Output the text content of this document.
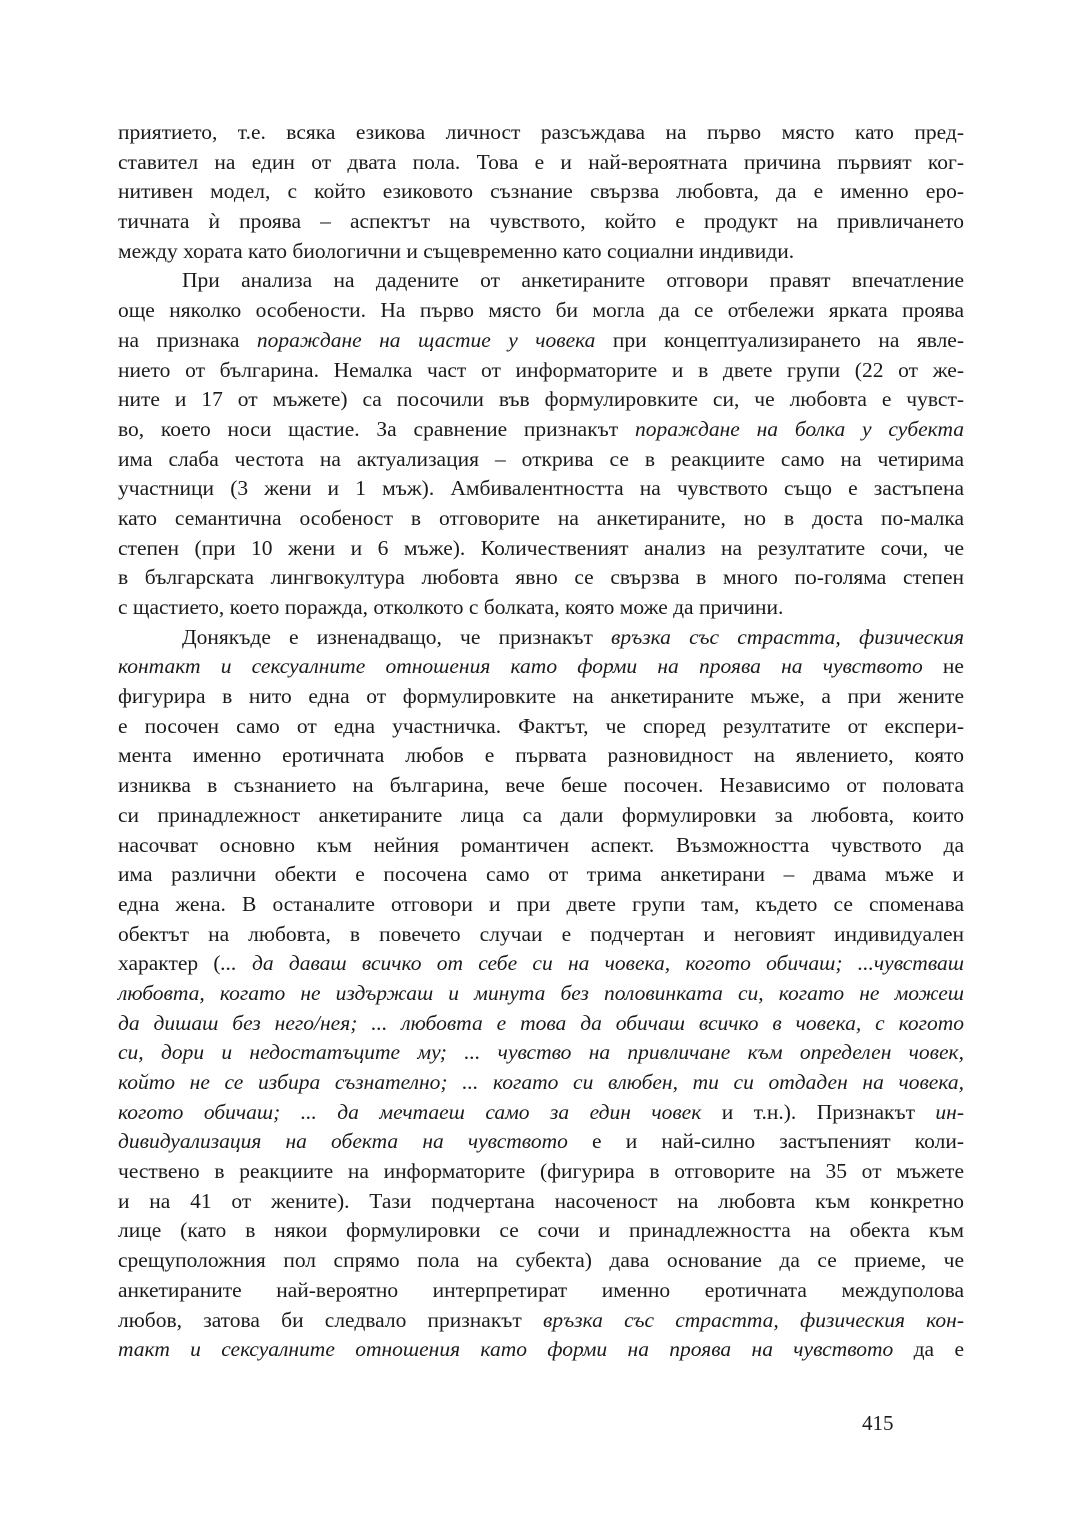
приятието, т.е. всяка езикова личност разсъждава на първо място като пред-
ставител на един от двата пола. Това е и най-вероятната причина първият ког-
нитивен модел, с който езиковото съзнание свързва любовта, да е именно еро-
тичната ѝ проява – аспектът на чувството, който е продукт на привличането
между хората като биологични и същевременно като социални индивиди.
При анализа на дадените от анкетираните отговори правят впечатление
още няколко особености. На първо място би могла да се отбележи ярката проява
на признака пораждане на щастие у човека при концептуализирането на явле-
нието от българина. Немалка част от информаторите и в двете групи (22 от же-
ните и 17 от мъжете) са посочили във формулировките си, че любовта е чувст-
во, което носи щастие. За сравнение признакът пораждане на болка у субекта
има слаба честота на актуализация – открива се в реакциите само на четирима
участници (3 жени и 1 мъж). Амбивалентността на чувството също е застъпена
като семантична особеност в отговорите на анкетираните, но в доста по-малка
степен (при 10 жени и 6 мъже). Количественият анализ на резултатите сочи, че
в българската лингвокултура любовта явно се свързва в много по-голяма степен
с щастието, което поражда, отколкото с болката, която може да причини.
Донякъде е изненадващо, че признакът връзка със страстта, физическия
контакт и сексуалните отношения като форми на проява на чувството не
фигурира в нито една от формулировките на анкетираните мъже, а при жените
е посочен само от една участничка. Фактът, че според резултатите от експери-
мента именно еротичната любов е първата разновидност на явлението, която
изниква в съзнанието на българина, вече беше посочен. Независимо от половата
си принадлежност анкетираните лица са дали формулировки за любовта, които
насочват основно към нейния романтичен аспект. Възможността чувството да
има различни обекти е посочена само от трима анкетирани – двама мъже и
една жена. В останалите отговори и при двете групи там, където се споменава
обектът на любовта, в повечето случаи е подчертан и неговият индивидуален
характер (... да даваш всичко от себе си на човека, когото обичаш; ...чувстваш
любовта, когато не издържаш и минута без половинката си, когато не можеш
да дишаш без него/нея; ... любовта е това да обичаш всичко в човека, с когото
си, дори и недостатъците му; ... чувство на привличане към определен човек,
който не се избира съзнателно; ... когато си влюбен, ти си отдаден на човека,
когото обичаш; ... да мечтаеш само за един човек и т.н.). Признакът ин-
дивидуализация на обекта на чувството е и най-силно застъпеният коли-
чествено в реакциите на информаторите (фигурира в отговорите на 35 от мъжете
и на 41 от жените). Тази подчертана насоченост на любовта към конкретно
лице (като в някои формулировки се сочи и принадлежността на обекта към
срещуположния пол спрямо пола на субекта) дава основание да се приеме, че
анкетираните най-вероятно интерпретират именно еротичната междуполова
любов, затова би следвало признакът връзка със страстта, физическия кон-
такт и сексуалните отношения като форми на проява на чувството да е
415
